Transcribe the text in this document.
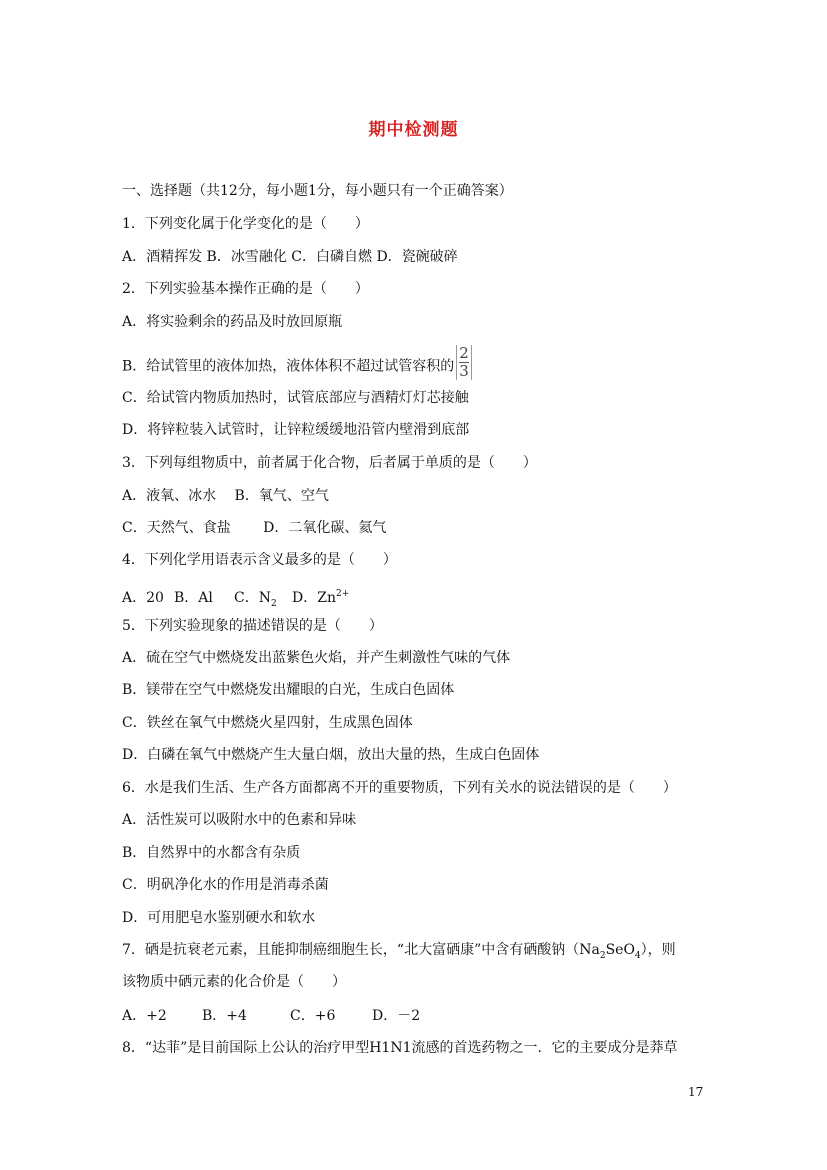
期中检测题
一、选择题（共12分，每小题1分，每小题只有一个正确答案）
1．下列变化属于化学变化的是（　　）
A．酒精挥发 B．冰雪融化 C．白磷自燃 D．瓷碗破碎
2．下列实验基本操作正确的是（　　）
A．将实验剩余的药品及时放回原瓶
B．给试管里的液体加热，液体体积不超过试管容积的 $\frac{2}{3}$
C．给试管内物质加热时，试管底部应与酒精灯灯芯接触
D．将锌粒装入试管时，让锌粒缓缓地沿管内壁滑到底部
3．下列每组物质中，前者属于化合物，后者属于单质的是（　　）
A．液氧、冰水　 B．氧气、空气
C．天然气、食盐　　 D．二氧化碳、氦气
4．下列化学用语表示含义最多的是（　　）
A．20 B．Al C．$N_2$ D．$Zn^{2+}$
5．下列实验现象的描述错误的是（　　）
A．硫在空气中燃烧发出蓝紫色火焰，并产生刺激性气味的气体
B．镁带在空气中燃烧发出耀眼的白光，生成白色固体
C．铁丝在氧气中燃烧火星四射，生成黑色固体
D．白磷在氧气中燃烧产生大量白烟，放出大量的热，生成白色固体
6．水是我们生活、生产各方面都离不开的重要物质，下列有关水的说法错误的是（　　）
A．活性炭可以吸附水中的色素和异味
B．自然界中的水都含有杂质
C．明矾净化水的作用是消毒杀菌
D．可用肥皂水鉴别硬水和软水
7．硒是抗衰老元素，且能抑制癌细胞生长，“北大富硒康”中含有硒酸钠$(Na_2SeO_4)$，则
该物质中硒元素的化合价是（　　）
A．+2	B．+4	C．+6	D．－2
8．“达菲”是目前国际上公认的治疗甲型H1N1流感的首选药物之一．它的主要成分是莽草
17
